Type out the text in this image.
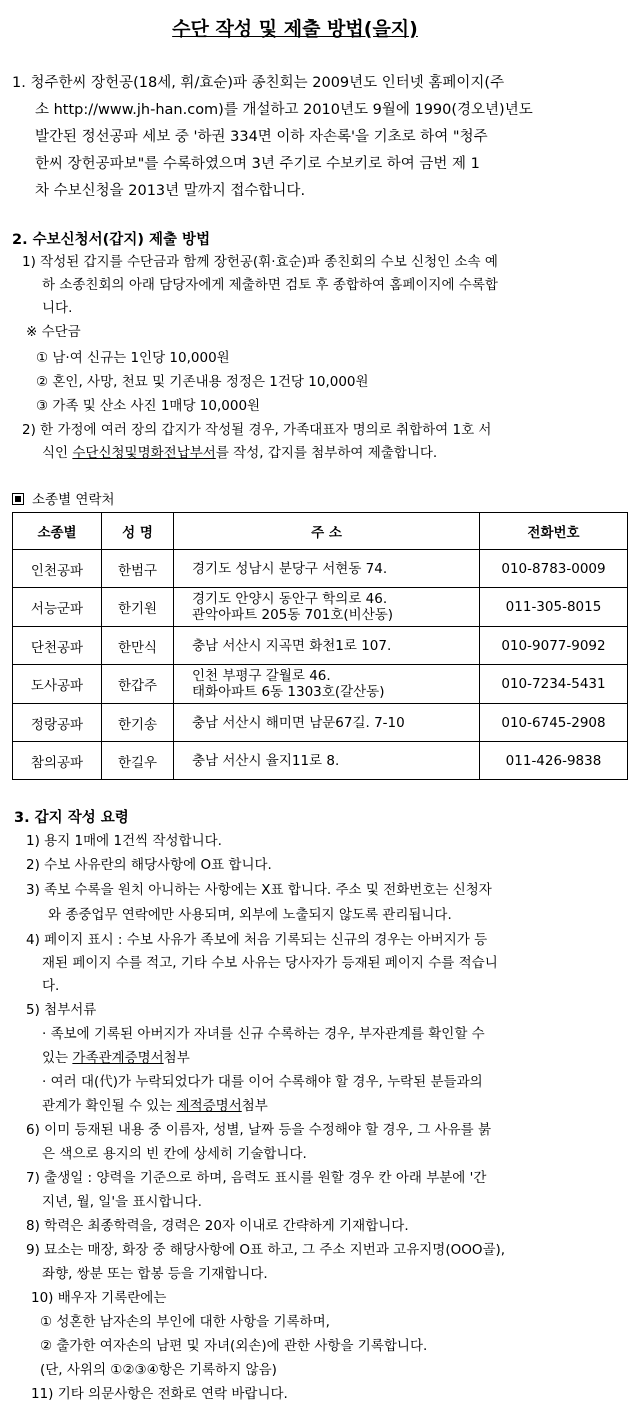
수단 작성 및 제출 방법(을지)
1. 청주한씨 장헌공(18세, 휘/효순)파 종친회는 2009년도 인터넷 홈페이지(주
소 http://www.jh-han.com)를 개설하고 2010년도 9월에 1990(경오년)년도
발간된 정선공파 세보 중 '하권 334면 이하 자손록'을 기초로 하여 "청주
한씨 장헌공파보"를 수록하였으며 3년 주기로 수보키로 하여 금번 제 1
차 수보신청을 2013년 말까지 접수합니다.
2. 수보신청서(갑지) 제출 방법
1) 작성된 갑지를 수단금과 함께 장헌공(휘·효순)파 종친회의 수보 신청인 소속 예
하 소종친회의 아래 담당자에게 제출하면 검토 후 종합하여 홈페이지에 수록합
니다.
※ 수단금
① 남·여 신규는 1인당 10,000원
② 혼인, 사망, 천묘 및 기존내용 정정은 1건당 10,000원
③ 가족 및 산소 사진 1매당 10,000원
2) 한 가정에 여러 장의 갑지가 작성될 경우, 가족대표자 명의로 취합하여 1호 서
식인 수단신청및명화전납부서를 작성, 갑지를 첨부하여 제출합니다.
소종별 연락처
소종별	성 명	주 소	전화번호
인천공파	한범구	경기도 성남시 분당구 서현동 74.	010-8783-0009
서능군파	한기원	경기도 안양시 동안구 학의로 46.
관악아파트 205동 701호(비산동)	011-305-8015
단천공파	한만식	충남 서산시 지곡면 화천1로 107.	010-9077-9092
도사공파	한갑주	인천 부평구 갈월로 46.
태화아파트 6동 1303호(갈산동)	010-7234-5431
정랑공파	한기송	충남 서산시 해미면 남문67길. 7-10	010-6745-2908
참의공파	한길우	충남 서산시 율지11로 8.	011-426-9838
3. 갑지 작성 요령
1) 용지 1매에 1건씩 작성합니다.
2) 수보 사유란의 해당사항에 O표 합니다.
3) 족보 수록을 원치 아니하는 사항에는 X표 합니다. 주소 및 전화번호는 신청자
와 종중업무 연락에만 사용되며, 외부에 노출되지 않도록 관리됩니다.
4) 페이지 표시 : 수보 사유가 족보에 처음 기록되는 신규의 경우는 아버지가 등
재된 페이지 수를 적고, 기타 수보 사유는 당사자가 등재된 페이지 수를 적습니
다.
5) 첨부서류
· 족보에 기록된 아버지가 자녀를 신규 수록하는 경우, 부자관계를 확인할 수
있는 가족관계증명서첨부
· 여러 대(代)가 누락되었다가 대를 이어 수록해야 할 경우, 누락된 분들과의
관계가 확인될 수 있는 제적증명서첨부
6) 이미 등재된 내용 중 이름자, 성별, 날짜 등을 수정해야 할 경우, 그 사유를 붉
은 색으로 용지의 빈 칸에 상세히 기술합니다.
7) 출생일 : 양력을 기준으로 하며, 음력도 표시를 원할 경우 칸 아래 부분에 '간
지년, 월, 일'을 표시합니다.
8) 학력은 최종학력을, 경력은 20자 이내로 간략하게 기재합니다.
9) 묘소는 매장, 화장 중 해당사항에 O표 하고, 그 주소 지번과 고유지명(OOO골),
좌향, 쌍분 또는 합봉 등을 기재합니다.
10) 배우자 기록란에는
① 성혼한 남자손의 부인에 대한 사항을 기록하며,
② 출가한 여자손의 남편 및 자녀(외손)에 관한 사항을 기록합니다.
(단, 사위의 ①②③④항은 기록하지 않음)
11) 기타 의문사항은 전화로 연락 바랍니다.
